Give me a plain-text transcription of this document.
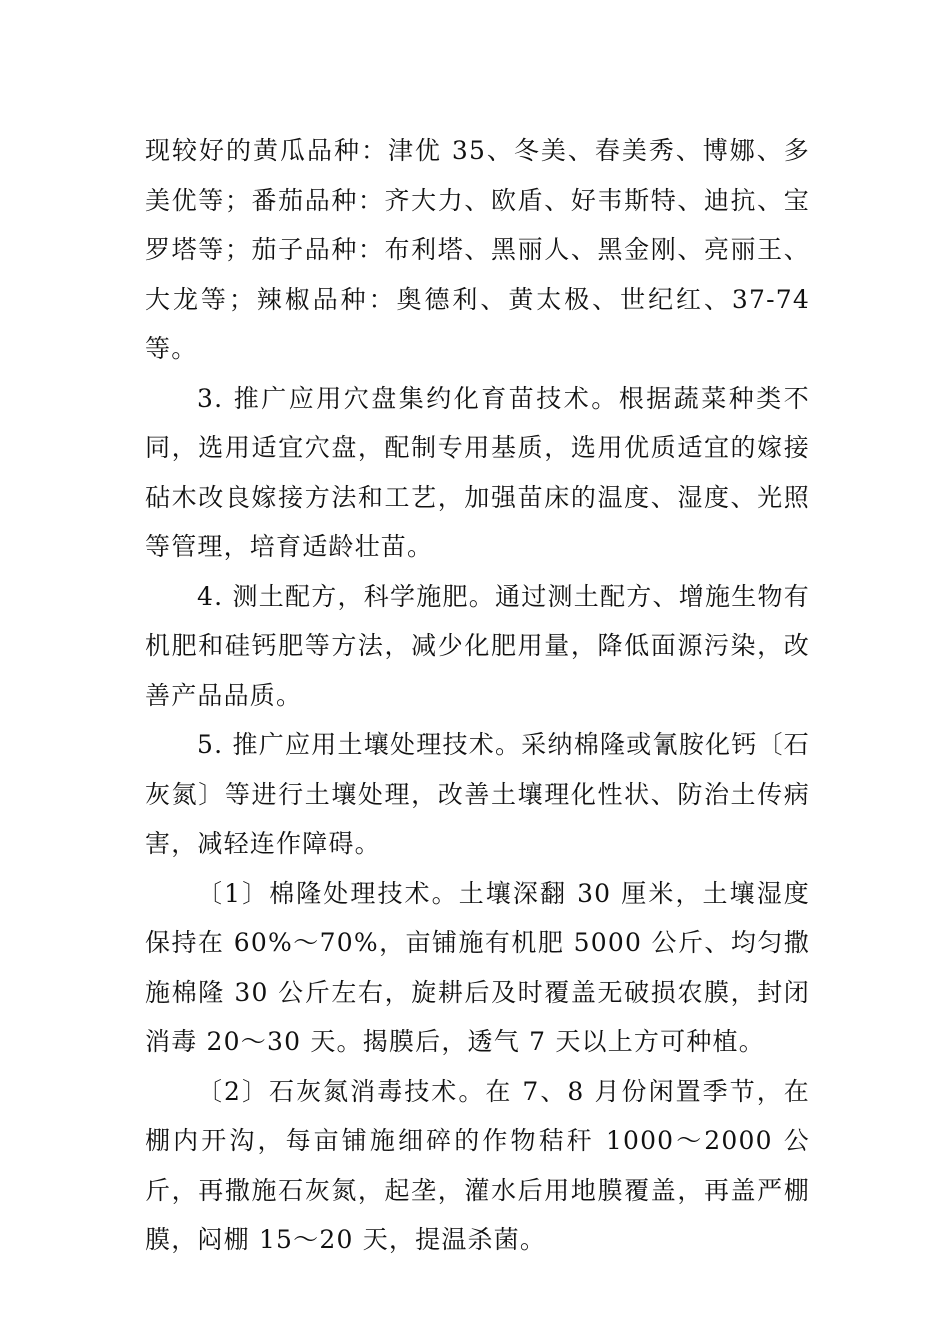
现较好的黄瓜品种：津优 35、冬美、春美秀、博娜、多美优等；番茄品种：齐大力、欧盾、好韦斯特、迪抗、宝罗塔等；茄子品种：布利塔、黑丽人、黑金刚、亮丽王、大龙等；辣椒品种：奥德利、黄太极、世纪红、37-74 等。

3. 推广应用穴盘集约化育苗技术。根据蔬菜种类不同，选用适宜穴盘，配制专用基质，选用优质适宜的嫁接砧木改良嫁接方法和工艺，加强苗床的温度、湿度、光照等管理，培育适龄壮苗。

4. 测土配方，科学施肥。通过测土配方、增施生物有机肥和硅钙肥等方法，减少化肥用量，降低面源污染，改善产品品质。

5. 推广应用土壤处理技术。采纳棉隆或氰胺化钙〔石灰氮〕等进行土壤处理，改善土壤理化性状、防治土传病害，减轻连作障碍。

〔1〕棉隆处理技术。土壤深翻 30 厘米，土壤湿度保持在 60%～70%，亩铺施有机肥 5000 公斤、均匀撒施棉隆 30 公斤左右，旋耕后及时覆盖无破损农膜，封闭消毒 20～30 天。揭膜后，透气 7 天以上方可种植。

〔2〕石灰氮消毒技术。在 7、8 月份闲置季节，在棚内开沟，每亩铺施细碎的作物秸秆 1000～2000 公斤，再撒施石灰氮，起垄，灌水后用地膜覆盖，再盖严棚膜，闷棚 15～20 天，提温杀菌。
